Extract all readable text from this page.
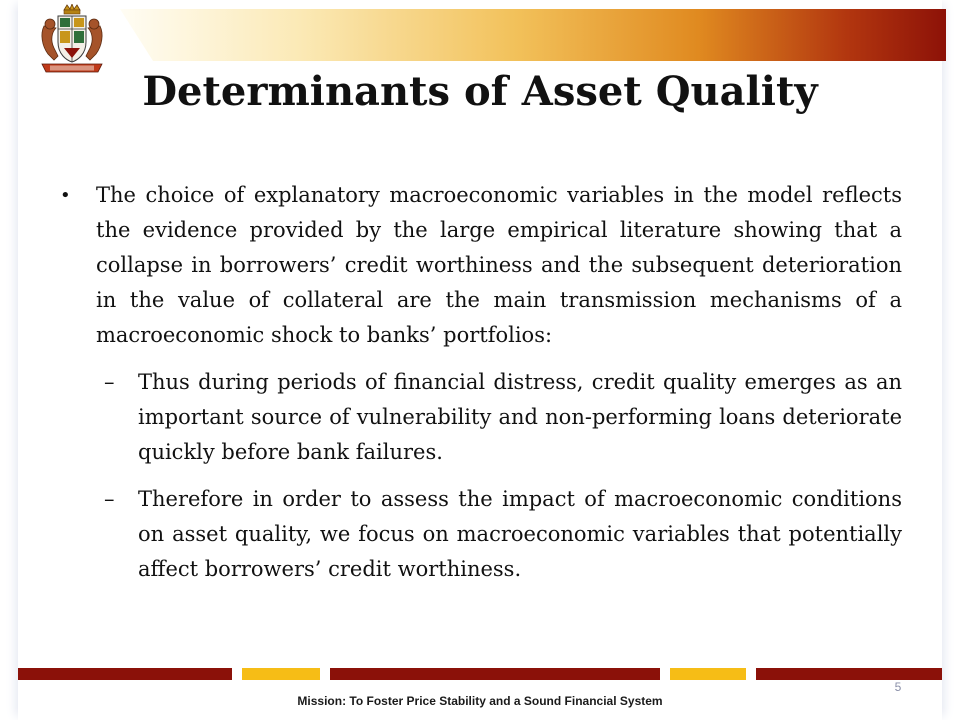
Determinants of Asset Quality
•	The choice of explanatory macroeconomic variables in the model reflects the evidence provided by the large empirical literature showing that a collapse in borrowers’ credit worthiness and the subsequent deterioration in the value of collateral are the main transmission mechanisms of a macroeconomic shock to banks’ portfolios:
–	Thus during periods of financial distress, credit quality emerges as an important source of vulnerability and non-performing loans deteriorate quickly before bank failures.
–	Therefore in order to assess the impact of macroeconomic conditions on asset quality, we focus on macroeconomic variables that potentially affect borrowers’ credit worthiness.
5
Mission: To Foster Price Stability and a Sound Financial System
